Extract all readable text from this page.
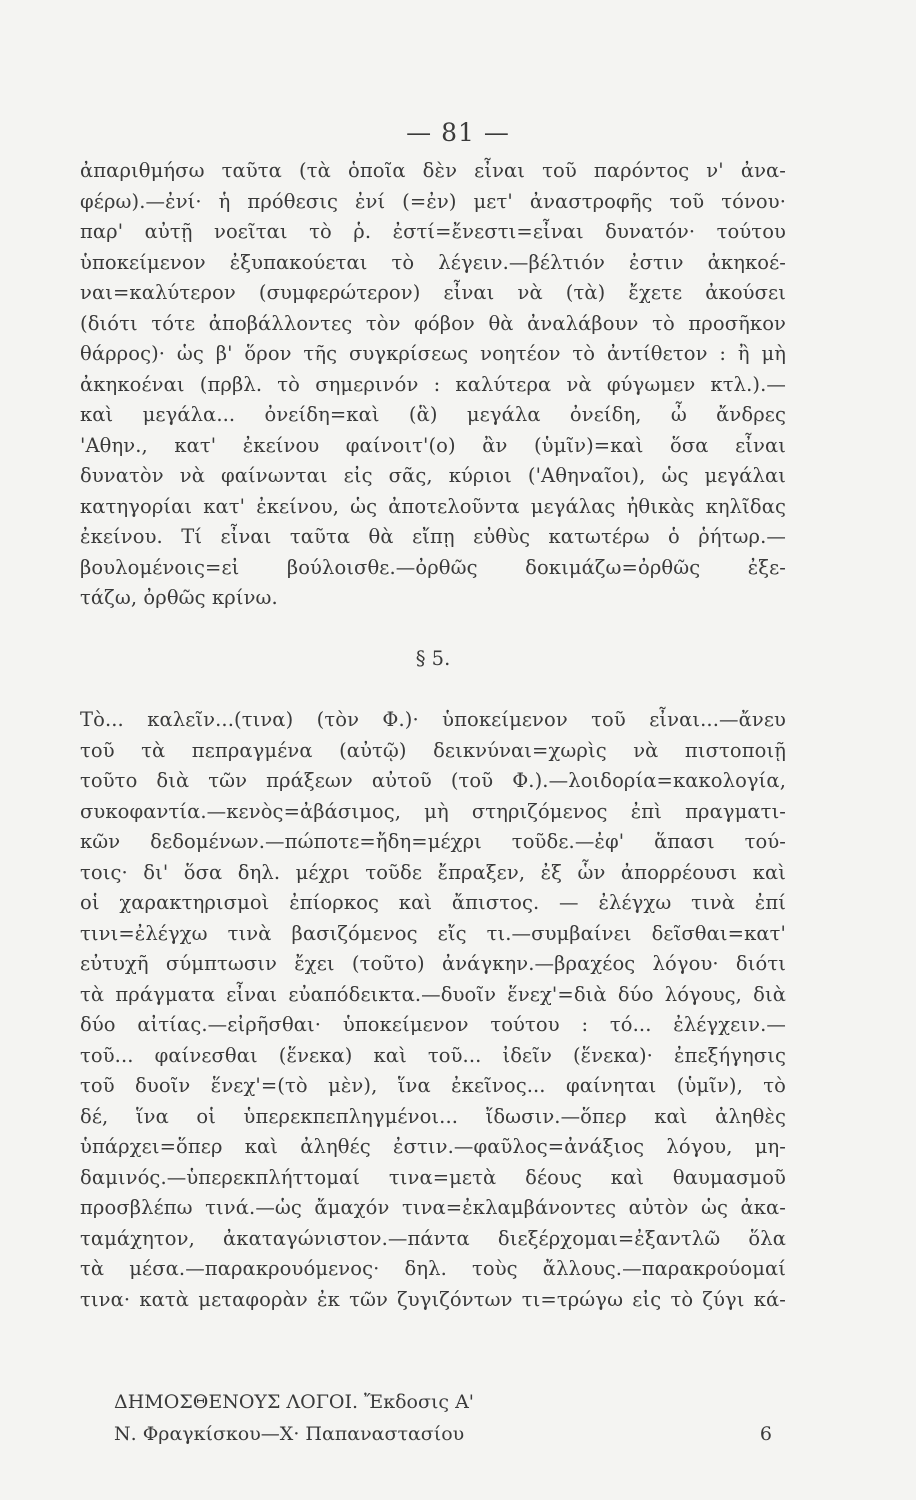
— 81 —
ἀπαριθμήσω ταῦτα (τὰ ὁποῖα δὲν εἶναι τοῦ παρόντος ν' ἀνα-
φέρω).—ἐνί· ἡ πρόθεσις ἐνί (=ἐν) μετ' ἀναστροφῆς τοῦ τόνου·
παρ' αὐτῇ νοεῖται τὸ ῥ. ἐστί=ἔνεστι=εἶναι δυνατόν· τούτου
ὑποκείμενον ἐξυπακούεται τὸ λέγειν.—βέλτιόν ἐστιν ἀκηκοέ-
ναι=καλύτερον (συμφερώτερον) εἶναι νὰ (τὰ) ἔχετε ἀκούσει
(διότι τότε ἀποβάλλοντες τὸν φόβον θὰ ἀναλάβουν τὸ προσῆκον
θάρρος)· ὡς β' ὅρον τῆς συγκρίσεως νοητέον τὸ ἀντίθετον : ἢ μὴ
ἀκηκοέναι (πρβλ. τὸ σημερινόν : καλύτερα νὰ φύγωμεν κτλ.).—
καὶ μεγάλα... ὀνείδη=καὶ (ἃ) μεγάλα ὀνείδη, ὦ ἄνδρες
'Αθην., κατ' ἐκείνου φαίνοιτ'(ο) ἂν (ὑμῖν)=καὶ ὅσα εἶναι
δυνατὸν νὰ φαίνωνται εἰς σᾶς, κύριοι ('Αθηναῖοι), ὡς μεγάλαι
κατηγορίαι κατ' ἐκείνου, ὡς ἀποτελοῦντα μεγάλας ἠθικὰς κηλῖδας
ἐκείνου. Τί εἶναι ταῦτα θὰ εἴπῃ εὐθὺς κατωτέρω ὁ ῥήτωρ.—
βουλομένοις=εἰ βούλοισθε.—ὀρθῶς δοκιμάζω=ὀρθῶς ἐξε-
τάζω, ὀρθῶς κρίνω.
§ 5.
Τὸ... καλεῖν...(τινα) (τὸν Φ.)· ὑποκείμενον τοῦ εἶναι...—ἄνευ
τοῦ τὰ πεπραγμένα (αὐτῷ) δεικνύναι=χωρὶς νὰ πιστοποιῇ
τοῦτο διὰ τῶν πράξεων αὐτοῦ (τοῦ Φ.).—λοιδορία=κακολογία,
συκοφαντία.—κενὸς=ἀβάσιμος, μὴ στηριζόμενος ἐπὶ πραγματι-
κῶν δεδομένων.—πώποτε=ἤδη=μέχρι τοῦδε.—ἐφ' ἅπασι τού-
τοις· δι' ὅσα δηλ. μέχρι τοῦδε ἔπραξεν, ἐξ ὧν ἀπορρέουσι καὶ
οἱ χαρακτηρισμοὶ ἐπίορκος καὶ ἄπιστος. — ἐλέγχω τινὰ ἐπί
τινι=ἐλέγχω τινὰ βασιζόμενος εἴς τι.—συμβαίνει δεῖσθαι=κατ'
εὐτυχῆ σύμπτωσιν ἔχει (τοῦτο) ἀνάγκην.—βραχέος λόγου· διότι
τὰ πράγματα εἶναι εὐαπόδεικτα.—δυοῖν ἕνεχ'=διὰ δύο λόγους, διὰ
δύο αἰτίας.—εἰρῆσθαι· ὑποκείμενον τούτου : τό... ἐλέγχειν.—
τοῦ... φαίνεσθαι (ἕνεκα) καὶ τοῦ... ἰδεῖν (ἕνεκα)· ἐπεξήγησις
τοῦ δυοῖν ἕνεχ'=(τὸ μὲν), ἵνα ἐκεῖνος... φαίνηται (ὑμῖν), τὸ
δέ, ἵνα οἱ ὑπερεκπεπληγμένοι... ἴδωσιν.—ὅπερ καὶ ἀληθὲς
ὑπάρχει=ὅπερ καὶ ἀληθές ἐστιν.—φαῦλος=ἀνάξιος λόγου, μη-
δαμινός.—ὑπερεκπλήττομαί τινα=μετὰ δέους καὶ θαυμασμοῦ
προσβλέπω τινά.—ὡς ἄμαχόν τινα=ἐκλαμβάνοντες αὐτὸν ὡς ἀκα-
ταμάχητον, ἀκαταγώνιστον.—πάντα διεξέρχομαι=ἐξαντλῶ ὅλα
τὰ μέσα.—παρακρουόμενος· δηλ. τοὺς ἄλλους.—παρακρούομαί
τινα· κατὰ μεταφορὰν ἐκ τῶν ζυγιζόντων τι=τρώγω εἰς τὸ ζύγι κά-
ΔΗΜΟΣΘΕΝΟΥΣ ΛΟΓΟΙ. Ἔκδοσις Α'
Ν. Φραγκίσκου—Χ· Παπαναστασίου	6
